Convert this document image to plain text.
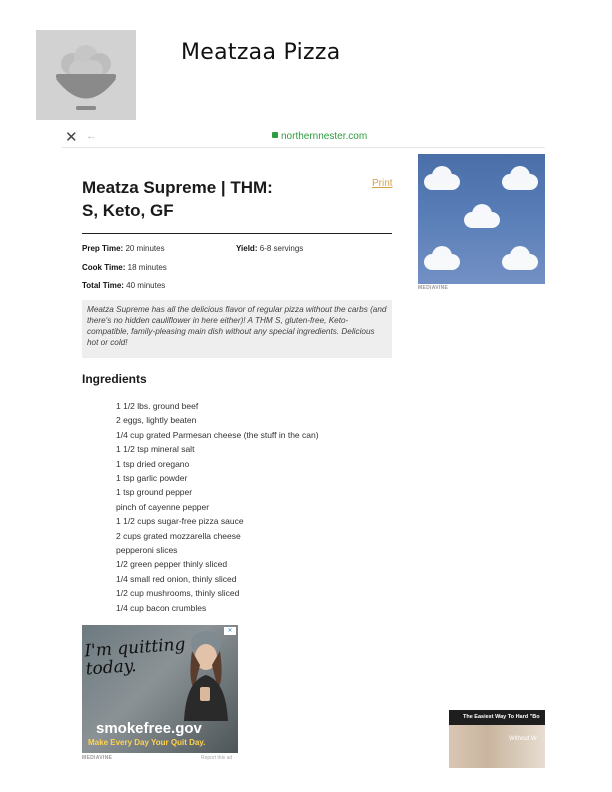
Meatzaa Pizza
✕ ←	northernnester.com
Meatza Supreme | THM:
S, Keto, GF
Print
Prep Time: 20 minutes	Yield: 6-8 servings
Cook Time: 18 minutes
Total Time: 40 minutes
Meatza Supreme has all the delicious flavor of regular pizza without the carbs (and there's no hidden cauliflower in here either)! A THM S, gluten-free, Keto-compatible, family-pleasing main dish without any special ingredients. Delicious hot or cold!
Ingredients
1 1/2 lbs. ground beef
2 eggs, lightly beaten
1/4 cup grated Parmesan cheese (the stuff in the can)
1 1/2 tsp mineral salt
1 tsp dried oregano
1 tsp garlic powder
1 tsp ground pepper
pinch of cayenne pepper
1 1/2 cups sugar-free pizza sauce
2 cups grated mozzarella cheese
pepperoni slices
1/2 green pepper thinly sliced
1/4 small red onion, thinly sliced
1/2 cup mushrooms, thinly sliced
1/4 cup bacon crumbles
MEDIAVINE
I'm quitting
today.
✕
smokefree.gov
Make Every Day Your Quit Day.
MEDIAVINE	Report this ad
The Easiest Way To Hard "Bo
Without W
